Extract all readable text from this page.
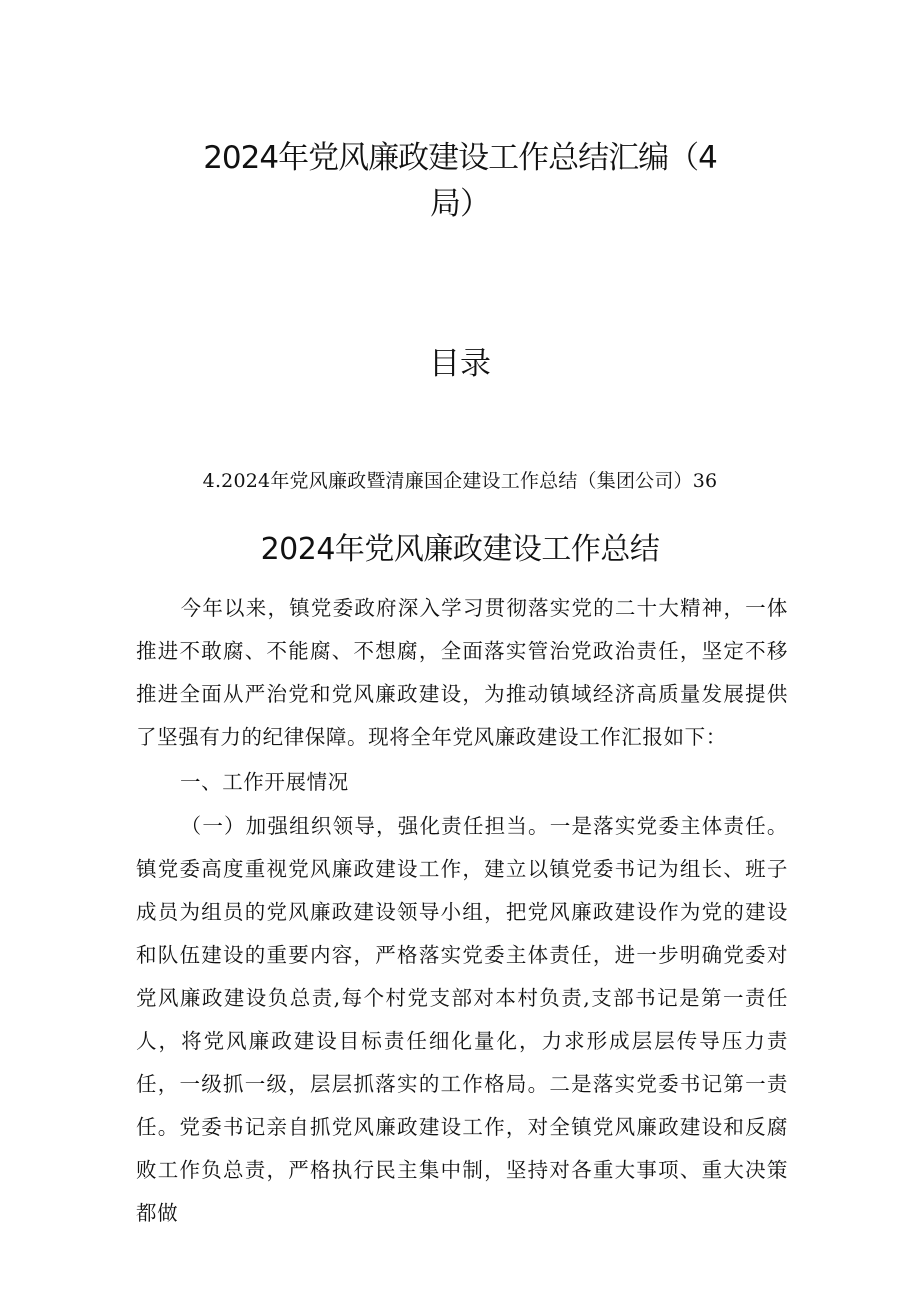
2024年党风廉政建设工作总结汇编（4
局）
目录
4.2024年党风廉政暨清廉国企建设工作总结（集团公司）36
2024年党风廉政建设工作总结

今年以来，镇党委政府深入学习贯彻落实党的二十大精神，一体推进不敢腐、不能腐、不想腐，全面落实管治党政治责任，坚定不移推进全面从严治党和党风廉政建设，为推动镇域经济高质量发展提供了坚强有力的纪律保障。现将全年党风廉政建设工作汇报如下：

一、工作开展情况

（一）加强组织领导，强化责任担当。一是落实党委主体责任。镇党委高度重视党风廉政建设工作，建立以镇党委书记为组长、班子成员为组员的党风廉政建设领导小组，把党风廉政建设作为党的建设和队伍建设的重要内容，严格落实党委主体责任，进一步明确党委对党风廉政建设负总责,每个村党支部对本村负责,支部书记是第一责任人，将党风廉政建设目标责任细化量化，力求形成层层传导压力责任，一级抓一级，层层抓落实的工作格局。二是落实党委书记第一责任。党委书记亲自抓党风廉政建设工作，对全镇党风廉政建设和反腐败工作负总责，严格执行民主集中制，坚持对各重大事项、重大决策都做
